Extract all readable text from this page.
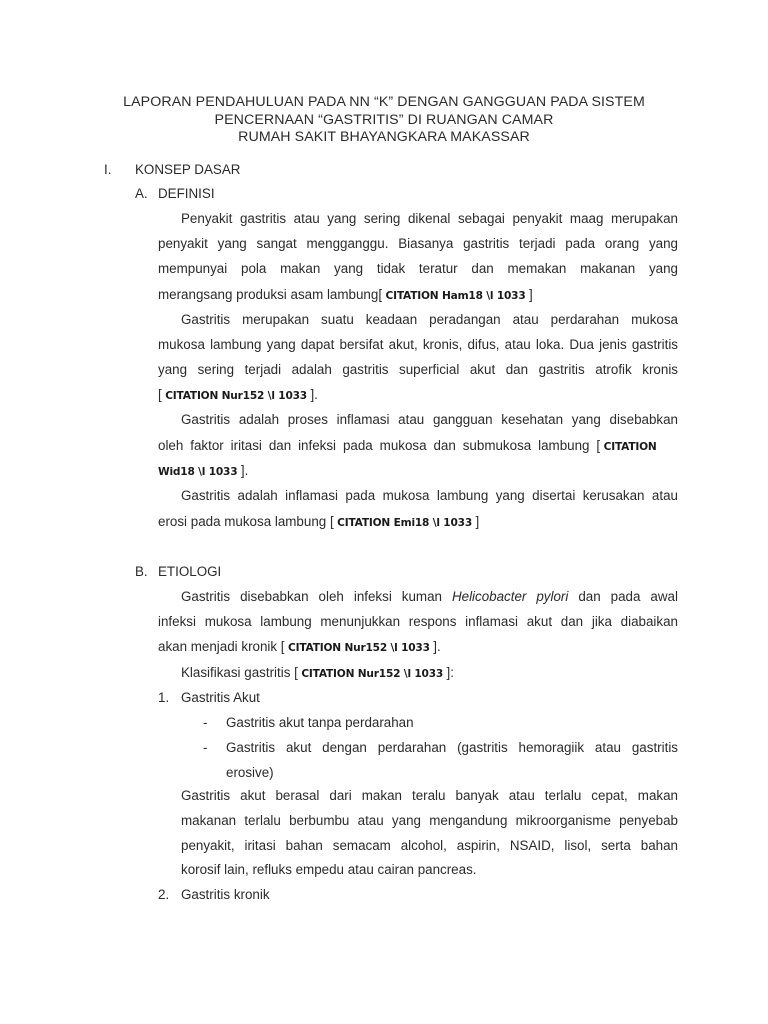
LAPORAN PENDAHULUAN PADA NN “K” DENGAN GANGGUAN PADA SISTEM
PENCERNAAN “GASTRITIS” DI RUANGAN CAMAR
RUMAH SAKIT BHAYANGKARA MAKASSAR
I. KONSEP DASAR
A. DEFINISI
Penyakit gastritis atau yang sering dikenal sebagai penyakit maag merupakan
penyakit yang sangat mengganggu. Biasanya gastritis terjadi pada orang yang
mempunyai pola makan yang tidak teratur dan memakan makanan yang
merangsang produksi asam lambung[ CITATION Ham18 \l 1033 ]
Gastritis merupakan suatu keadaan peradangan atau perdarahan mukosa
mukosa lambung yang dapat bersifat akut, kronis, difus, atau loka. Dua jenis gastritis
yang sering terjadi adalah gastritis superficial akut dan gastritis atrofik kronis
[ CITATION Nur152 \l 1033 ].
Gastritis adalah proses inflamasi atau gangguan kesehatan yang disebabkan
oleh faktor iritasi dan infeksi pada mukosa dan submukosa lambung [ CITATION
Wid18 \l 1033 ].
Gastritis adalah inflamasi pada mukosa lambung yang disertai kerusakan atau
erosi pada mukosa lambung [ CITATION Emi18 \l 1033 ]
B. ETIOLOGI
Gastritis disebabkan oleh infeksi kuman Helicobacter pylori dan pada awal
infeksi mukosa lambung menunjukkan respons inflamasi akut dan jika diabaikan
akan menjadi kronik [ CITATION Nur152 \l 1033 ].
Klasifikasi gastritis [ CITATION Nur152 \l 1033 ]:
1. Gastritis Akut
- Gastritis akut tanpa perdarahan
- Gastritis akut dengan perdarahan (gastritis hemoragiik atau gastritis
erosive)
Gastritis akut berasal dari makan teralu banyak atau terlalu cepat, makan
makanan terlalu berbumbu atau yang mengandung mikroorganisme penyebab
penyakit, iritasi bahan semacam alcohol, aspirin, NSAID, lisol, serta bahan
korosif lain, refluks empedu atau cairan pancreas.
2. Gastritis kronik
